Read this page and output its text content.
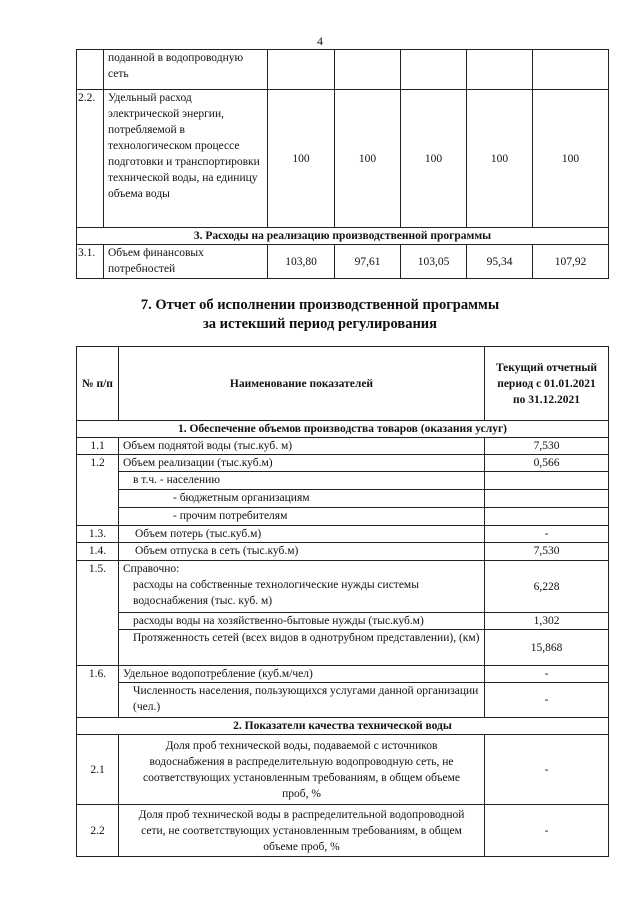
4
	поданной в водопроводную сеть					
2.2.	Удельный расход электрической энергии, потребляемой в технологическом процессе подготовки и транспортировки технической воды, на единицу объема воды	100	100	100	100	100
3. Расходы на реализацию производственной программы						
3.1.	Объем финансовых потребностей	103,80	97,61	103,05	95,34	107,92
7. Отчет об исполнении производственной программы
за истекший период регулирования
№ п/п	Наименование показателей	Текущий отчетный период с 01.01.2021 по 31.12.2021
1. Обеспечение объемов производства товаров (оказания услуг)		
1.1	Объем поднятой воды (тыс.куб. м)	7,530
1.2	Объем реализации (тыс.куб.м)	0,566
	в т.ч. - населению	
	- бюджетным организациям	
	- прочим потребителям	
1.3.	Объем потерь (тыс.куб.м)	-
1.4.	Объем отпуска в сеть (тыс.куб.м)	7,530
1.5.	Справочно:
расходы на собственные технологические нужды системы водоснабжения (тыс. куб. м)	6,228
	расходы воды на хозяйственно-бытовые нужды (тыс.куб.м)	1,302
	Протяженность сетей (всех видов в однотрубном представлении), (км)	15,868
1.6.	Удельное водопотребление (куб.м/чел)	-
	Численность населения, пользующихся услугами данной организации (чел.)	-
2. Показатели качества технической воды		
2.1	Доля проб технической воды, подаваемой с источников водоснабжения в распределительную водопроводную сеть, не соответствующих установленным требованиям, в общем объеме проб, %	-
2.2	Доля проб технической воды в распределительной водопроводной сети, не соответствующих установленным требованиям, в общем объеме проб, %	-
